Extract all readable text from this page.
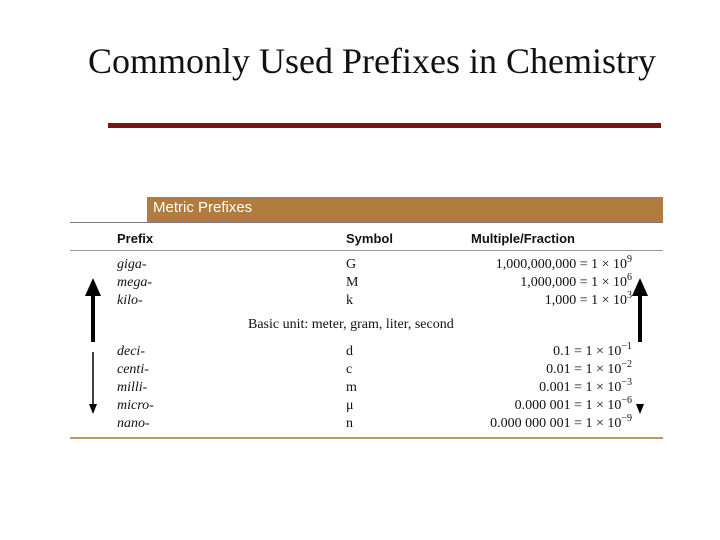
Commonly Used Prefixes in Chemistry
Metric Prefixes
Prefix	Symbol	Multiple/Fraction
giga-	G	$1,000,000,000 = 1 \times 10^9$
mega-	M	$1,000,000 = 1 \times 10^6$
kilo-	k	$1,000 = 1 \times 10^3$
Basic unit: meter, gram, liter, second
deci-	d	$0.1 = 1 \times 10^{-1}$
centi-	c	$0.01 = 1 \times 10^{-2}$
milli-	m	$0.001 = 1 \times 10^{-3}$
micro-	μ	0.000 $001 = 1 \times 10^{-6}$
nano-	n	0.000 000 $001 = 1 \times 10^{-9}$
